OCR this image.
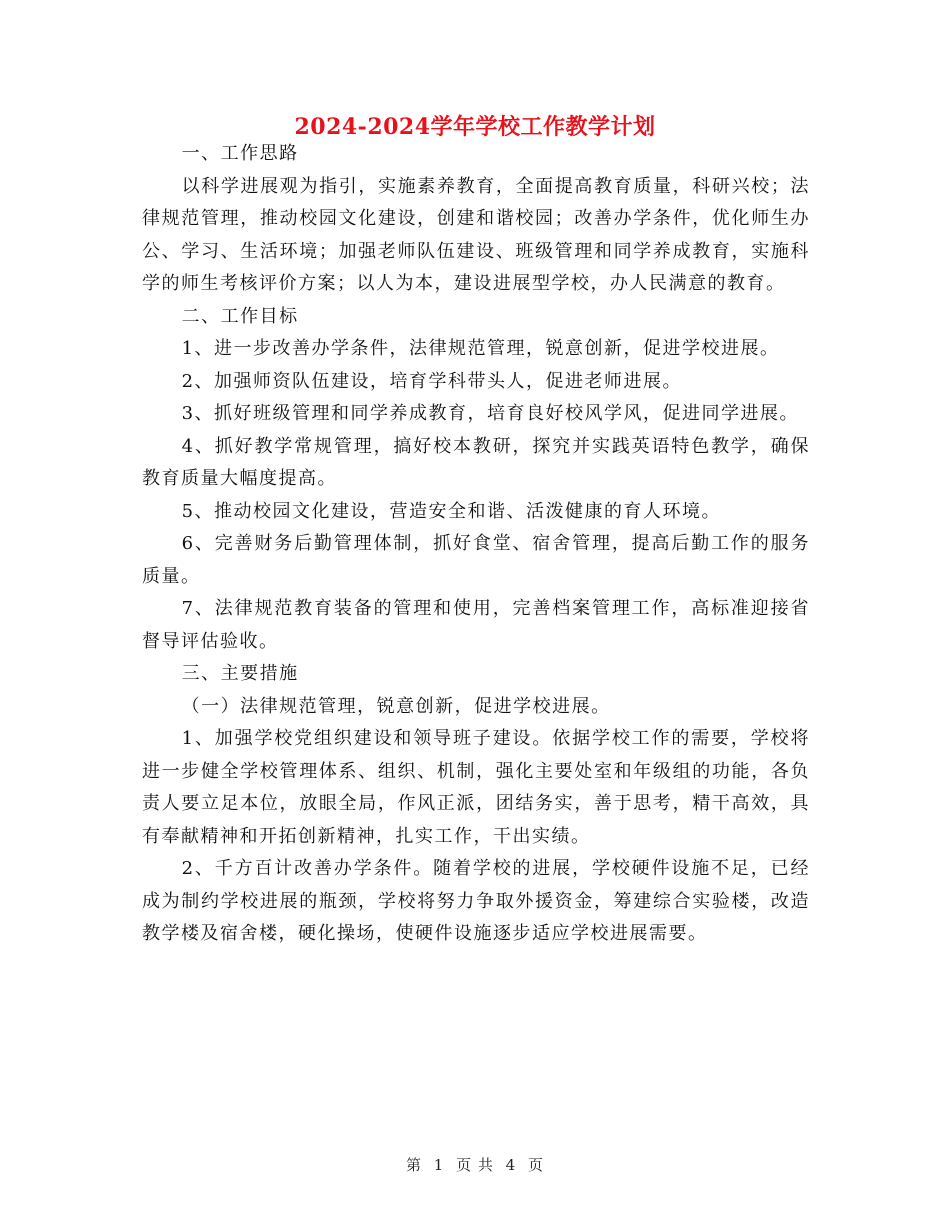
2024-2024学年学校工作教学计划
一、工作思路
以科学进展观为指引，实施素养教育，全面提高教育质量，科研兴校；法律规范管理，推动校园文化建设，创建和谐校园；改善办学条件，优化师生办公、学习、生活环境；加强老师队伍建设、班级管理和同学养成教育，实施科学的师生考核评价方案；以人为本，建设进展型学校，办人民满意的教育。
二、工作目标
1、进一步改善办学条件，法律规范管理，锐意创新，促进学校进展。
2、加强师资队伍建设，培育学科带头人，促进老师进展。
3、抓好班级管理和同学养成教育，培育良好校风学风，促进同学进展。
4、抓好教学常规管理，搞好校本教研，探究并实践英语特色教学，确保教育质量大幅度提高。
5、推动校园文化建设，营造安全和谐、活泼健康的育人环境。
6、完善财务后勤管理体制，抓好食堂、宿舍管理，提高后勤工作的服务质量。
7、法律规范教育装备的管理和使用，完善档案管理工作，高标准迎接省督导评估验收。
三、主要措施
（一）法律规范管理，锐意创新，促进学校进展。
1、加强学校党组织建设和领导班子建设。依据学校工作的需要，学校将进一步健全学校管理体系、组织、机制，强化主要处室和年级组的功能，各负责人要立足本位，放眼全局，作风正派，团结务实，善于思考，精干高效，具有奉献精神和开拓创新精神，扎实工作，干出实绩。
2、千方百计改善办学条件。随着学校的进展，学校硬件设施不足，已经成为制约学校进展的瓶颈，学校将努力争取外援资金，筹建综合实验楼，改造教学楼及宿舍楼，硬化操场，使硬件设施逐步适应学校进展需要。
第 1 页 共 4 页
